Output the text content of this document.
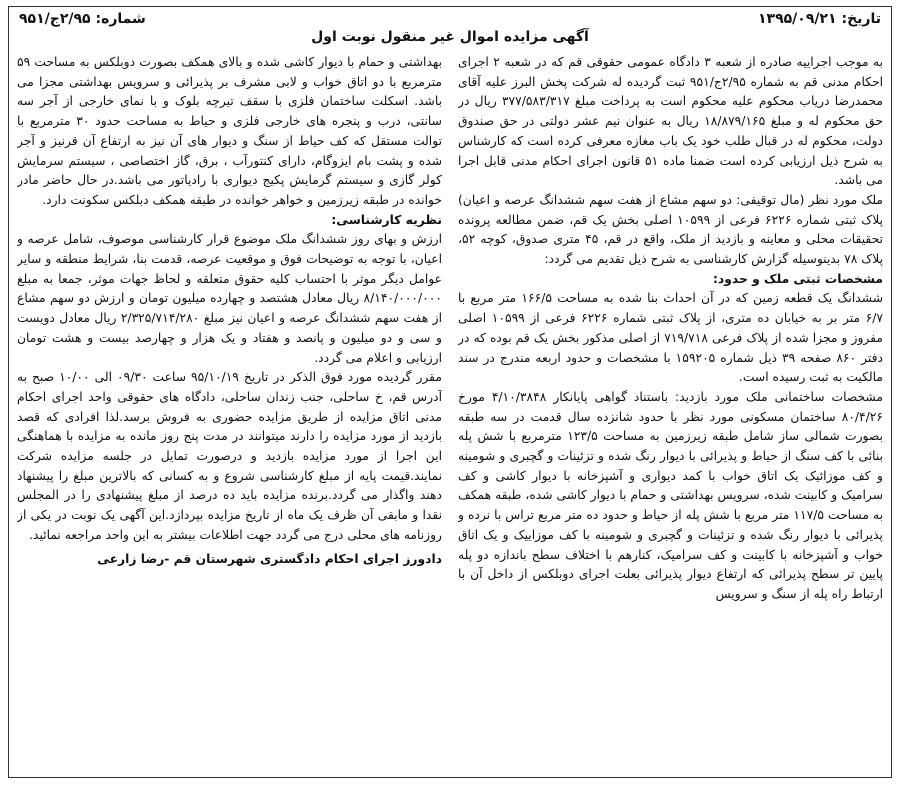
تاریخ: ۱۳۹۵/۰۹/۲۱
شماره: ۲/۹۵ج/۹۵۱
آگهی مزایده اموال غیر منقول نوبت اول

به موجب اجراییه صادره از شعبه ۳ دادگاه عمومی حقوقی قم که در شعبه ۲ اجرای احکام مدنی قم به شماره ۲/۹۵ج/۹۵۱ ثبت گردیده له شرکت پخش البرز علیه آقای محمدرضا دریاب محکوم علیه محکوم است به پرداخت مبلغ ۳۷۷/۵۸۳/۳۱۷ ریال در حق محکوم له و مبلغ ۱۸/۸۷۹/۱۶۵ ریال به عنوان نیم عشر دولتی در حق صندوق دولت، محکوم له در قبال طلب خود یک باب مغازه معرفی کرده است که کارشناس به شرح ذیل ارزیابی کرده است ضمنا ماده ۵۱ قانون اجرای احکام مدنی قابل اجرا می باشد.

ملک مورد نظر (مال توقیفی: دو سهم مشاع از هفت سهم ششدانگ عرصه و اعیان) پلاک ثبتی شماره ۶۲۲۶ فرعی از ۱۰۵۹۹ اصلی بخش یک قم، ضمن مطالعه پرونده تحقیقات محلی و معاینه و بازدید از ملک، واقع در قم، ۴۵ متری صدوق، کوچه ۵۲، پلاک ۷۸ بدینوسیله گزارش کارشناسی به شرح ذیل تقدیم می گردد:

مشخصات ثبتی ملک و حدود:

ششدانگ یک قطعه زمین که در آن احداث بنا شده به مساحت ۱۶۶/۵ متر مربع با ۶/۷ متر بر به خیابان ده متری، از پلاک ثبتی شماره ۶۲۲۶ فرعی از ۱۰۵۹۹ اصلی مفروز و مجزا شده از پلاک فرعی ۷۱۹/۷۱۸ از اصلی مذکور بخش یک قم بوده که در دفتر ۸۶۰ صفحه ۳۹ ذیل شماره ۱۵۹۲۰۵ با مشخصات و حدود اربعه مندرج در سند مالکیت به ثبت رسیده است.

مشخصات ساختمانی ملک مورد بازدید: باستناد گواهی پایانکار ۴/۱۰/۳۸۴۸ مورخ ۸۰/۴/۲۶ ساختمان مسکونی مورد نظر با حدود شانزده سال قدمت در سه طبقه بصورت شمالی ساز شامل طبقه زیرزمین به مساحت ۱۲۳/۵ مترمربع با شش پله بنائی با کف سنگ از حیاط و پذیرائی با دیوار رنگ شده و تزئینات و گچبری و شومینه و کف موزائیک یک اتاق خواب با کمد دیواری و آشپزخانه با دیوار کاشی و کف سرامیک و کابینت شده، سرویس بهداشتی و حمام با دیوار کاشی شده، طبقه همکف به مساحت ۱۱۷/۵ متر مربع با شش پله از حیاط و حدود ده متر مربع تراس با نرده و پذیرائی با دیوار رنگ شده و تزئینات و گچبری و شومینه با کف موزاییک و یک اتاق خواب و آشپزخانه با کابینت و کف سرامیک، کنارهم با اختلاف سطح باندازه دو پله پایین تر سطح پذیرائی که ارتفاع دیوار پذیرائی بعلت اجرای دوبلکس از داخل آن با ارتباط راه پله از سنگ و سرویس

بهداشتی و حمام با دیوار کاشی شده و بالای همکف بصورت دوبلکس به مساحت ۵۹ مترمربع با دو اتاق خواب و لابی مشرف بر پذیرائی و سرویس بهداشتی مجزا می باشد. اسکلت ساختمان فلزی با سقف تیرچه بلوک و با نمای خارجی از آجر سه سانتی، درب و پنجره های خارجی فلزی و حیاط به مساحت حدود ۳۰ مترمربع با توالت مستقل که کف حیاط از سنگ و دیوار های آن نیز به ارتفاع آن قرنیز و آجر شده و پشت بام ایزوگام، دارای کنتورآب ، برق، گاز اختصاصی ، سیستم سرمایش کولر گازی و سیستم گرمایش پکیج دیواری با رادیاتور می باشد.در حال حاضر مادر خوانده در طبقه زیرزمین و خواهر خوانده در طبقه همکف دبلکس سکونت دارد.

نظریه کارشناسی:

ارزش و بهای روز ششدانگ ملک موضوع قرار کارشناسی موصوف، شامل عرصه و اعیان، با توجه به توضیحات فوق و موقعیت عرصه، قدمت بنا، شرایط منطقه و سایر عوامل دیگر موثر با احتساب کلیه حقوق متعلقه و لحاظ جهات موثر، جمعا به مبلغ ۸/۱۴۰/۰۰۰/۰۰۰ ریال معادل هشتصد و چهارده میلیون تومان و ارزش دو سهم مشاع از هفت سهم ششدانگ عرصه و اعیان نیز مبلغ ۲/۳۲۵/۷۱۴/۲۸۰ ریال معادل دویست و سی و دو میلیون و پانصد و هفتاد و یک هزار و چهارصد بیست و هشت تومان ارزیابی و اعلام می گردد.

مقرر گردیده مورد فوق الذکر در تاریخ ۹۵/۱۰/۱۹ ساعت ۰۹/۳۰ الی ۱۰/۰۰ صبح به آدرس قم، خ ساحلی، جنب زندان ساحلی، دادگاه های حقوقی واحد اجرای احکام مدنی اتاق مزایده از طریق مزایده حضوری به فروش برسد.لذا افرادی که قصد بازدید از مورد مزایده را دارند میتوانند در مدت پنج روز مانده به مزایده با هماهنگی این اجرا از مورد مزایده بازدید و درصورت تمایل در جلسه مزایده شرکت نمایند.قیمت پایه از مبلغ کارشناسی شروع و به کسانی که بالاترین مبلغ را پیشنهاد دهند واگذار می گردد.برنده مزایده باید ده درصد از مبلغ پیشنهادی را در المجلس نقدا و مابقی آن ظرف یک ماه از تاریخ مزایده بپردازد.این آگهی یک نوبت در یکی از روزنامه های محلی درج می گردد جهت اطلاعات بیشتر به این واحد مراجعه نمائید.

دادورز اجرای احکام دادگستری شهرستان قم -رضا زارعی
